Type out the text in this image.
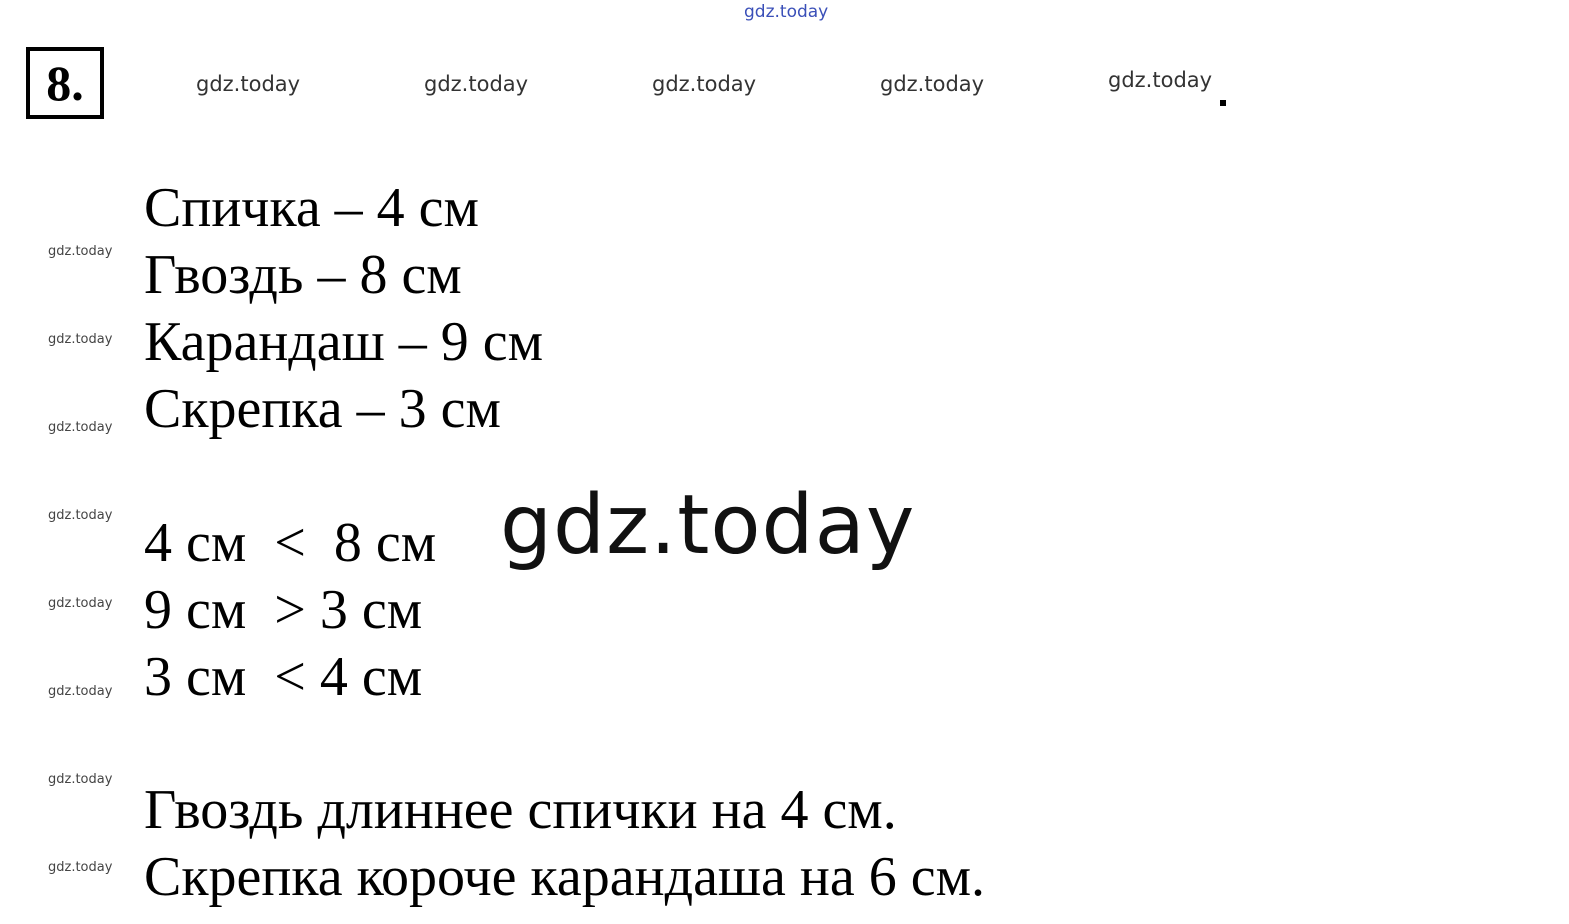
gdz.today
gdz.today	gdz.today	gdz.today	gdz.today	gdz.today
gdz.today
gdz.today
gdz.today
gdz.today
gdz.today
gdz.today
gdz.today
gdz.today
8.
Спичка – 4 см
Гвоздь – 8 см
Карандаш – 9 см
Скрепка – 3 см
4 см  <  8 см
9 см  > 3 см
3 см  < 4 см
gdz.today
Гвоздь длиннее спички на 4 см.
Скрепка короче карандаша на 6 см.
